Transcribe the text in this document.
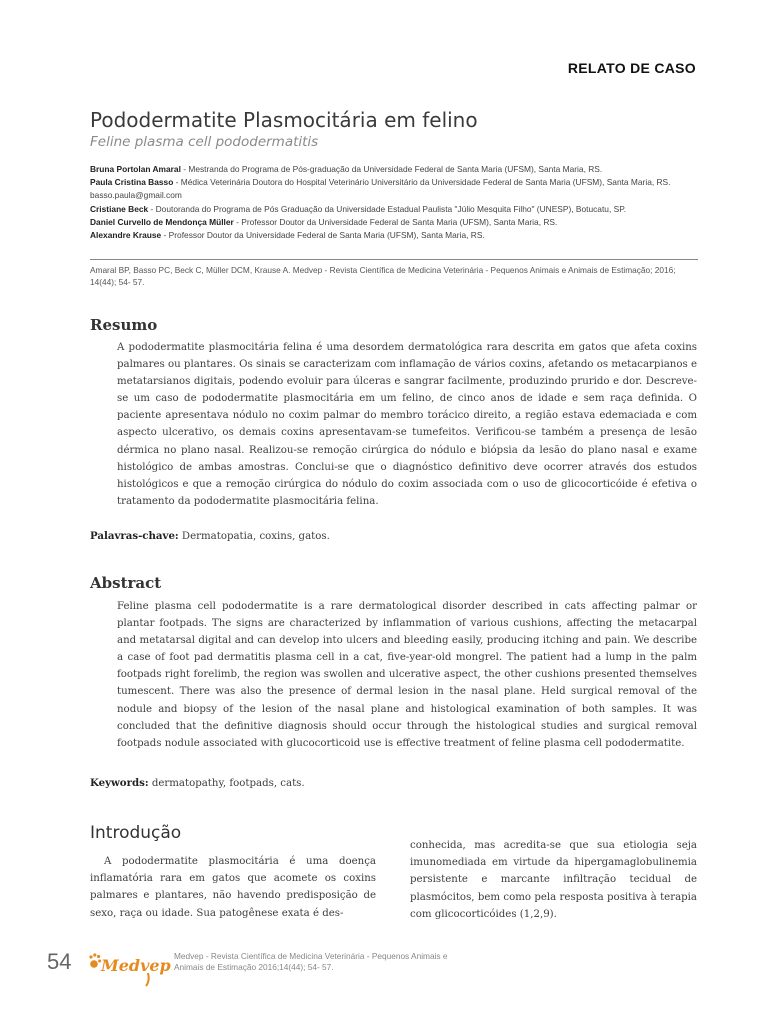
RELATO DE CASO
Pododermatite Plasmocitária em felino
Feline plasma cell pododermatitis
Bruna Portolan Amaral - Mestranda do Programa de Pós-graduação da Universidade Federal de Santa Maria (UFSM), Santa Maria, RS.
Paula Cristina Basso - Médica Veterinária Doutora do Hospital Veterinário Universitário da Universidade Federal de Santa Maria (UFSM), Santa Maria, RS. basso.paula@gmail.com
Cristiane Beck - Doutoranda do Programa de Pós Graduação da Universidade Estadual Paulista "Júlio Mesquita Filho" (UNESP), Botucatu, SP.
Daniel Curvello de Mendonça Müller - Professor Doutor da Universidade Federal de Santa Maria (UFSM), Santa Maria, RS.
Alexandre Krause - Professor Doutor da Universidade Federal de Santa Maria (UFSM), Santa Maria, RS.
Amaral BP, Basso PC, Beck C, Müller DCM, Krause A. Medvep - Revista Científica de Medicina Veterinária - Pequenos Animais e Animais de Estimação; 2016; 14(44); 54- 57.
Resumo

A pododermatite plasmocitária felina é uma desordem dermatológica rara descrita em gatos que afeta coxins palmares ou plantares. Os sinais se caracterizam com inflamação de vários coxins, afetando os metacarpianos e metatarsianos digitais, podendo evoluir para úlceras e sangrar facilmente, produzindo prurido e dor. Descreve-se um caso de pododermatite plasmocitária em um felino, de cinco anos de idade e sem raça definida. O paciente apresentava nódulo no coxim palmar do membro torácico direito, a região estava edemaciada e com aspecto ulcerativo, os demais coxins apresentavam-se tumefeitos. Verificou-se também a presença de lesão dérmica no plano nasal. Realizou-se remoção cirúrgica do nódulo e biópsia da lesão do plano nasal e exame histológico de ambas amostras. Conclui-se que o diagnóstico definitivo deve ocorrer através dos estudos histológicos e que a remoção cirúrgica do nódulo do coxim associada com o uso de glicocorticóide é efetiva o tratamento da pododermatite plasmocitária felina.

Palavras-chave: Dermatopatia, coxins, gatos.
Abstract

Feline plasma cell pododermatite is a rare dermatological disorder described in cats affecting palmar or plantar footpads. The signs are characterized by inflammation of various cushions, affecting the metacarpal and metatarsal digital and can develop into ulcers and bleeding easily, producing itching and pain. We describe a case of foot pad dermatitis plasma cell in a cat, five-year-old mongrel. The patient had a lump in the palm footpads right forelimb, the region was swollen and ulcerative aspect, the other cushions presented themselves tumescent. There was also the presence of dermal lesion in the nasal plane. Held surgical removal of the nodule and biopsy of the lesion of the nasal plane and histological examination of both samples. It was concluded that the definitive diagnosis should occur through the histological studies and surgical removal footpads nodule associated with glucocorticoid use is effective treatment of feline plasma cell pododermatite.

Keywords: dermatopathy, footpads, cats.
Introdução

A pododermatite plasmocitária é uma doença inflamatória rara em gatos que acomete os coxins palmares e plantares, não havendo predisposição de sexo, raça ou idade. Sua patogênese exata é des-

conhecida, mas acredita-se que sua etiologia seja imunomediada em virtude da hipergamaglobulinemia persistente e marcante infiltração tecidual de plasmócitos, bem como pela resposta positiva à terapia com glicocorticóides (1,2,9).

54 Medvep Medvep - Revista Científica de Medicina Veterinária - Pequenos Animais e Animais de Estimação 2016;14(44); 54- 57.
